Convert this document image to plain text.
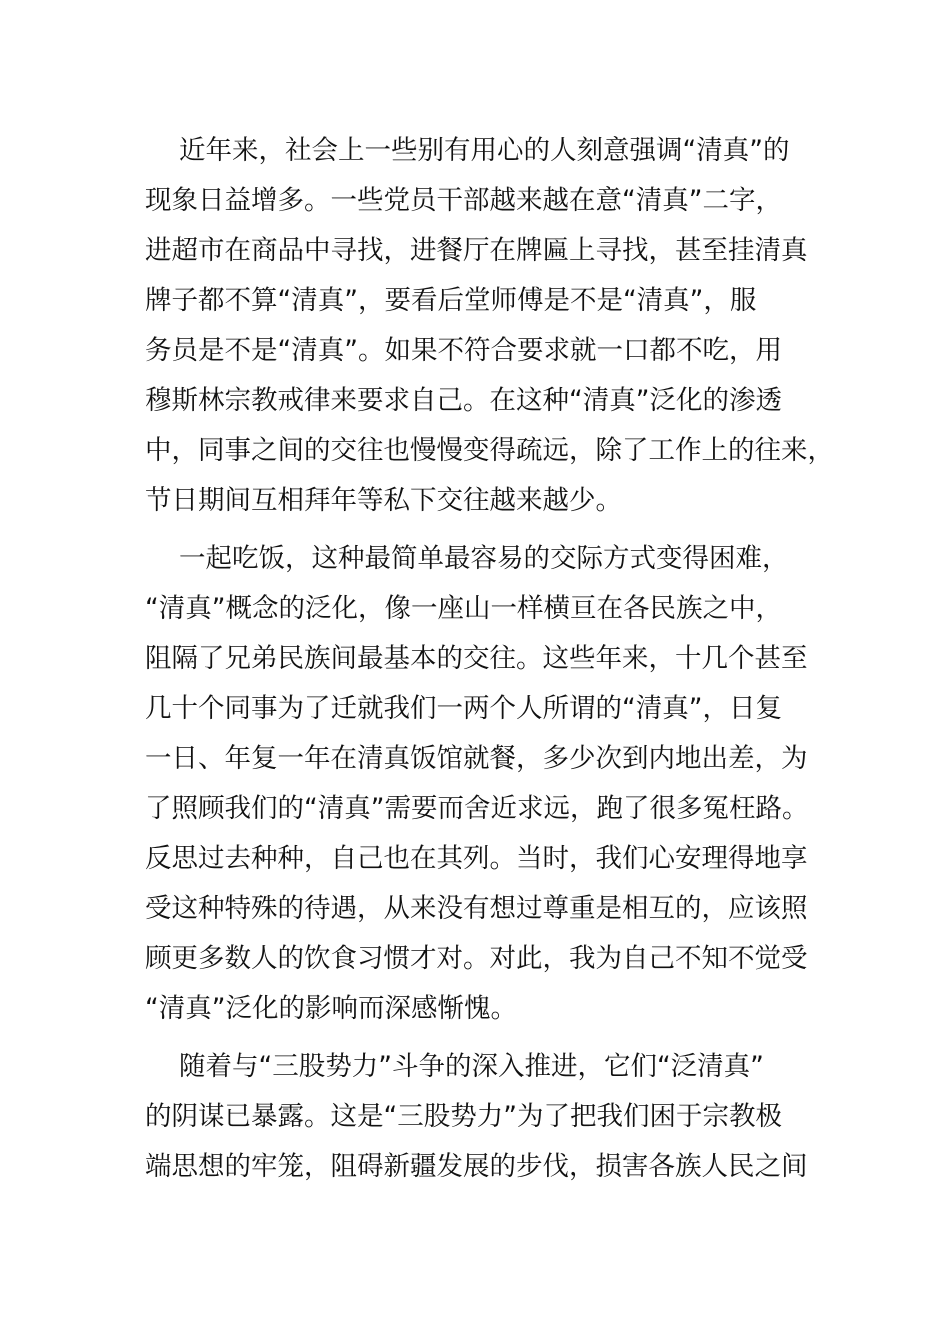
近年来，社会上一些别有用心的人刻意强调“清真”的
现象日益增多。一些党员干部越来越在意“清真”二字，
进超市在商品中寻找，进餐厅在牌匾上寻找，甚至挂清真
牌子都不算“清真”，要看后堂师傅是不是“清真”，服
务员是不是“清真”。如果不符合要求就一口都不吃，用
穆斯林宗教戒律来要求自己。在这种“清真”泛化的渗透
中，同事之间的交往也慢慢变得疏远，除了工作上的往来，
节日期间互相拜年等私下交往越来越少。
一起吃饭，这种最简单最容易的交际方式变得困难，
“清真”概念的泛化，像一座山一样横亘在各民族之中，
阻隔了兄弟民族间最基本的交往。这些年来，十几个甚至
几十个同事为了迁就我们一两个人所谓的“清真”，日复
一日、年复一年在清真饭馆就餐，多少次到内地出差，为
了照顾我们的“清真”需要而舍近求远，跑了很多冤枉路。
反思过去种种，自己也在其列。当时，我们心安理得地享
受这种特殊的待遇，从来没有想过尊重是相互的，应该照
顾更多数人的饮食习惯才对。对此，我为自己不知不觉受
“清真”泛化的影响而深感惭愧。
随着与“三股势力”斗争的深入推进，它们“泛清真”
的阴谋已暴露。这是“三股势力”为了把我们困于宗教极
端思想的牢笼，阻碍新疆发展的步伐，损害各族人民之间
